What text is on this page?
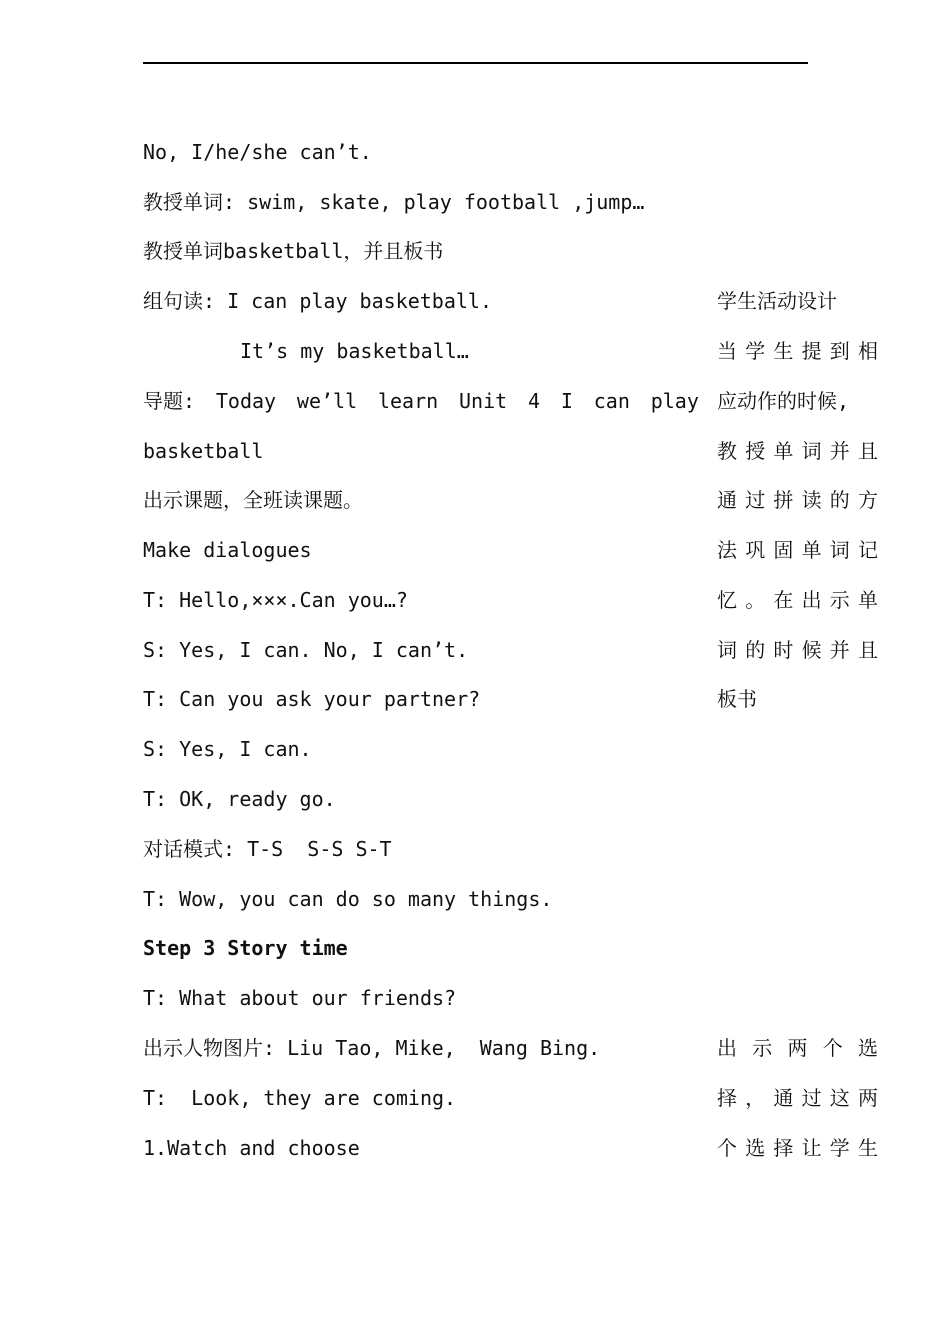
No, I/he/she can’t.
教授单词: swim, skate, play football ,jump…
教授单词basketball，并且板书
组句读: I can play basketball.
It’s my basketball…
导题: Today we’ll learn Unit 4 I can play
basketball
出示课题，全班读课题。
Make dialogues
T: Hello,×××.Can you…?
S: Yes, I can. No, I can’t.
T: Can you ask your partner?
S: Yes, I can.
T: OK, ready go.
对话模式: T-S  S-S S-T
T: Wow, you can do so many things.
Step 3 Story time
T: What about our friends?
出示人物图片: Liu Tao, Mike,  Wang Bing.
T:  Look, they are coming.
1.Watch and choose
学生活动设计
当学生提到相
应动作的时候,
教授单词并且
通过拼读的方
法巩固单词记
忆。在出示单
词的时候并且
板书
出示两个选
择，通过这两
个选择让学生
